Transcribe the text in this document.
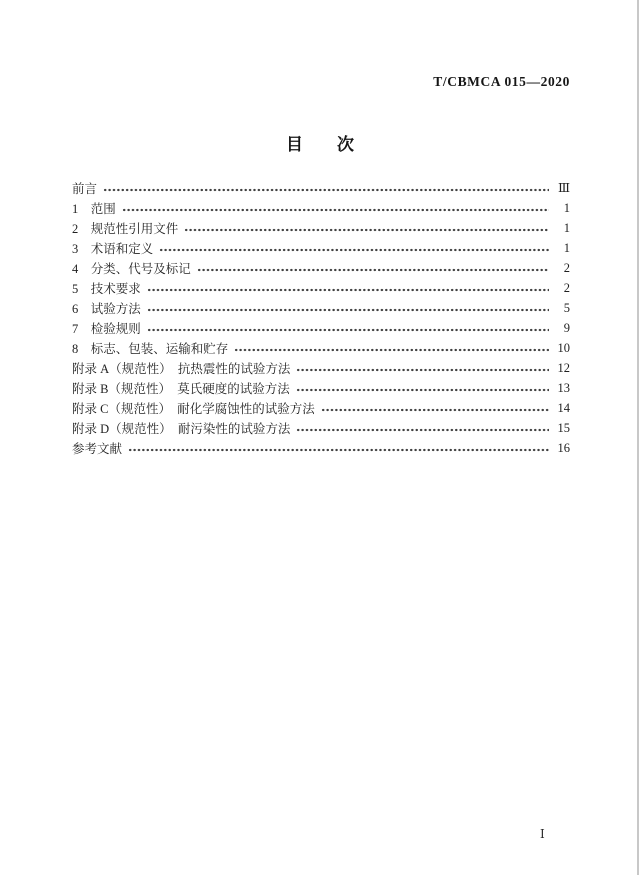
T/CBMCA 015—2020
目　　次
前言	Ⅲ
1　范围	1
2　规范性引用文件	1
3　术语和定义	1
4　分类、代号及标记	2
5　技术要求	2
6　试验方法	5
7　检验规则	9
8　标志、包装、运输和贮存	10
附录 A（规范性）　抗热震性的试验方法	12
附录 B（规范性）　莫氏硬度的试验方法	13
附录 C（规范性）　耐化学腐蚀性的试验方法	14
附录 D（规范性）　耐污染性的试验方法	15
参考文献	16
Ⅰ
